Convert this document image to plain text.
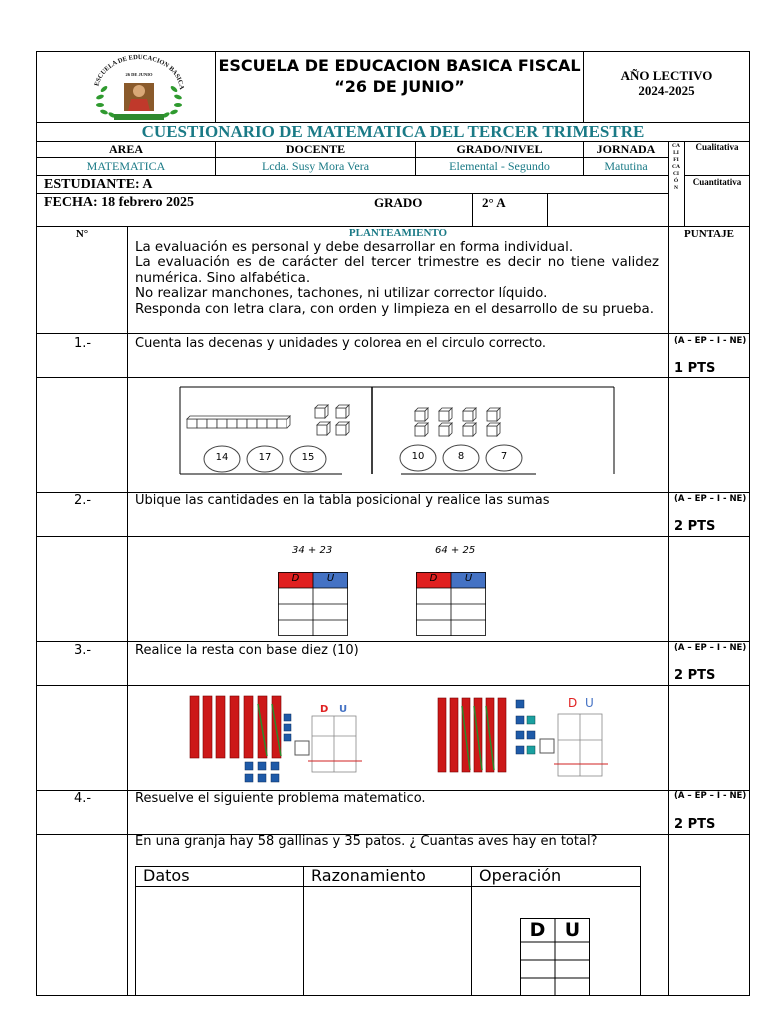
ESCUELA DE EDUCACION BASICA
26 DE JUNIO	ESCUELA DE EDUCACION BASICA FISCAL
“26 DE JUNIO”
AÑO LECTIVO
2024-2025
CUESTIONARIO DE MATEMATICA DEL TERCER TRIMESTRE
AREA	DOCENTE	GRADO/NIVEL	JORNADA
MATEMATICA	Lcda. Susy Mora Vera	Elemental - Segundo	Matutina
CALIFICACIÓN
Cualitativa
Cuantitativa
ESTUDIANTE: A
FECHA: 18 febrero 2025	GRADO	2° A
N°	PLANTEAMIENTO	PUNTAJE
La evaluación es personal y debe desarrollar en forma individual.
La evaluación es de carácter del tercer trimestre es decir no tiene validez numérica. Sino alfabética.
No realizar manchones, tachones, ni utilizar corrector líquido.
Responda con letra clara, con orden y limpieza en el desarrollo de su prueba.
1.-	Cuenta las decenas y unidades y colorea en el circulo correcto.	(A – EP – I - NE)
1 PTS
2.-	Ubique las cantidades en la tabla posicional y realice las sumas	(A – EP – I - NE)
2 PTS
3.-	Realice la resta con base diez (10)	(A – EP – I - NE)
2 PTS
4.-	Resuelve el siguiente problema matematico.	(A – EP – I - NE)
2 PTS
14	17	15	10	8	7
34 + 23	64 + 25
D	U	D	U
D U	D U
En una granja hay 58 gallinas y 35 patos. ¿ Cuantas aves hay en total?
Datos	Razonamiento	Operación
D	U
